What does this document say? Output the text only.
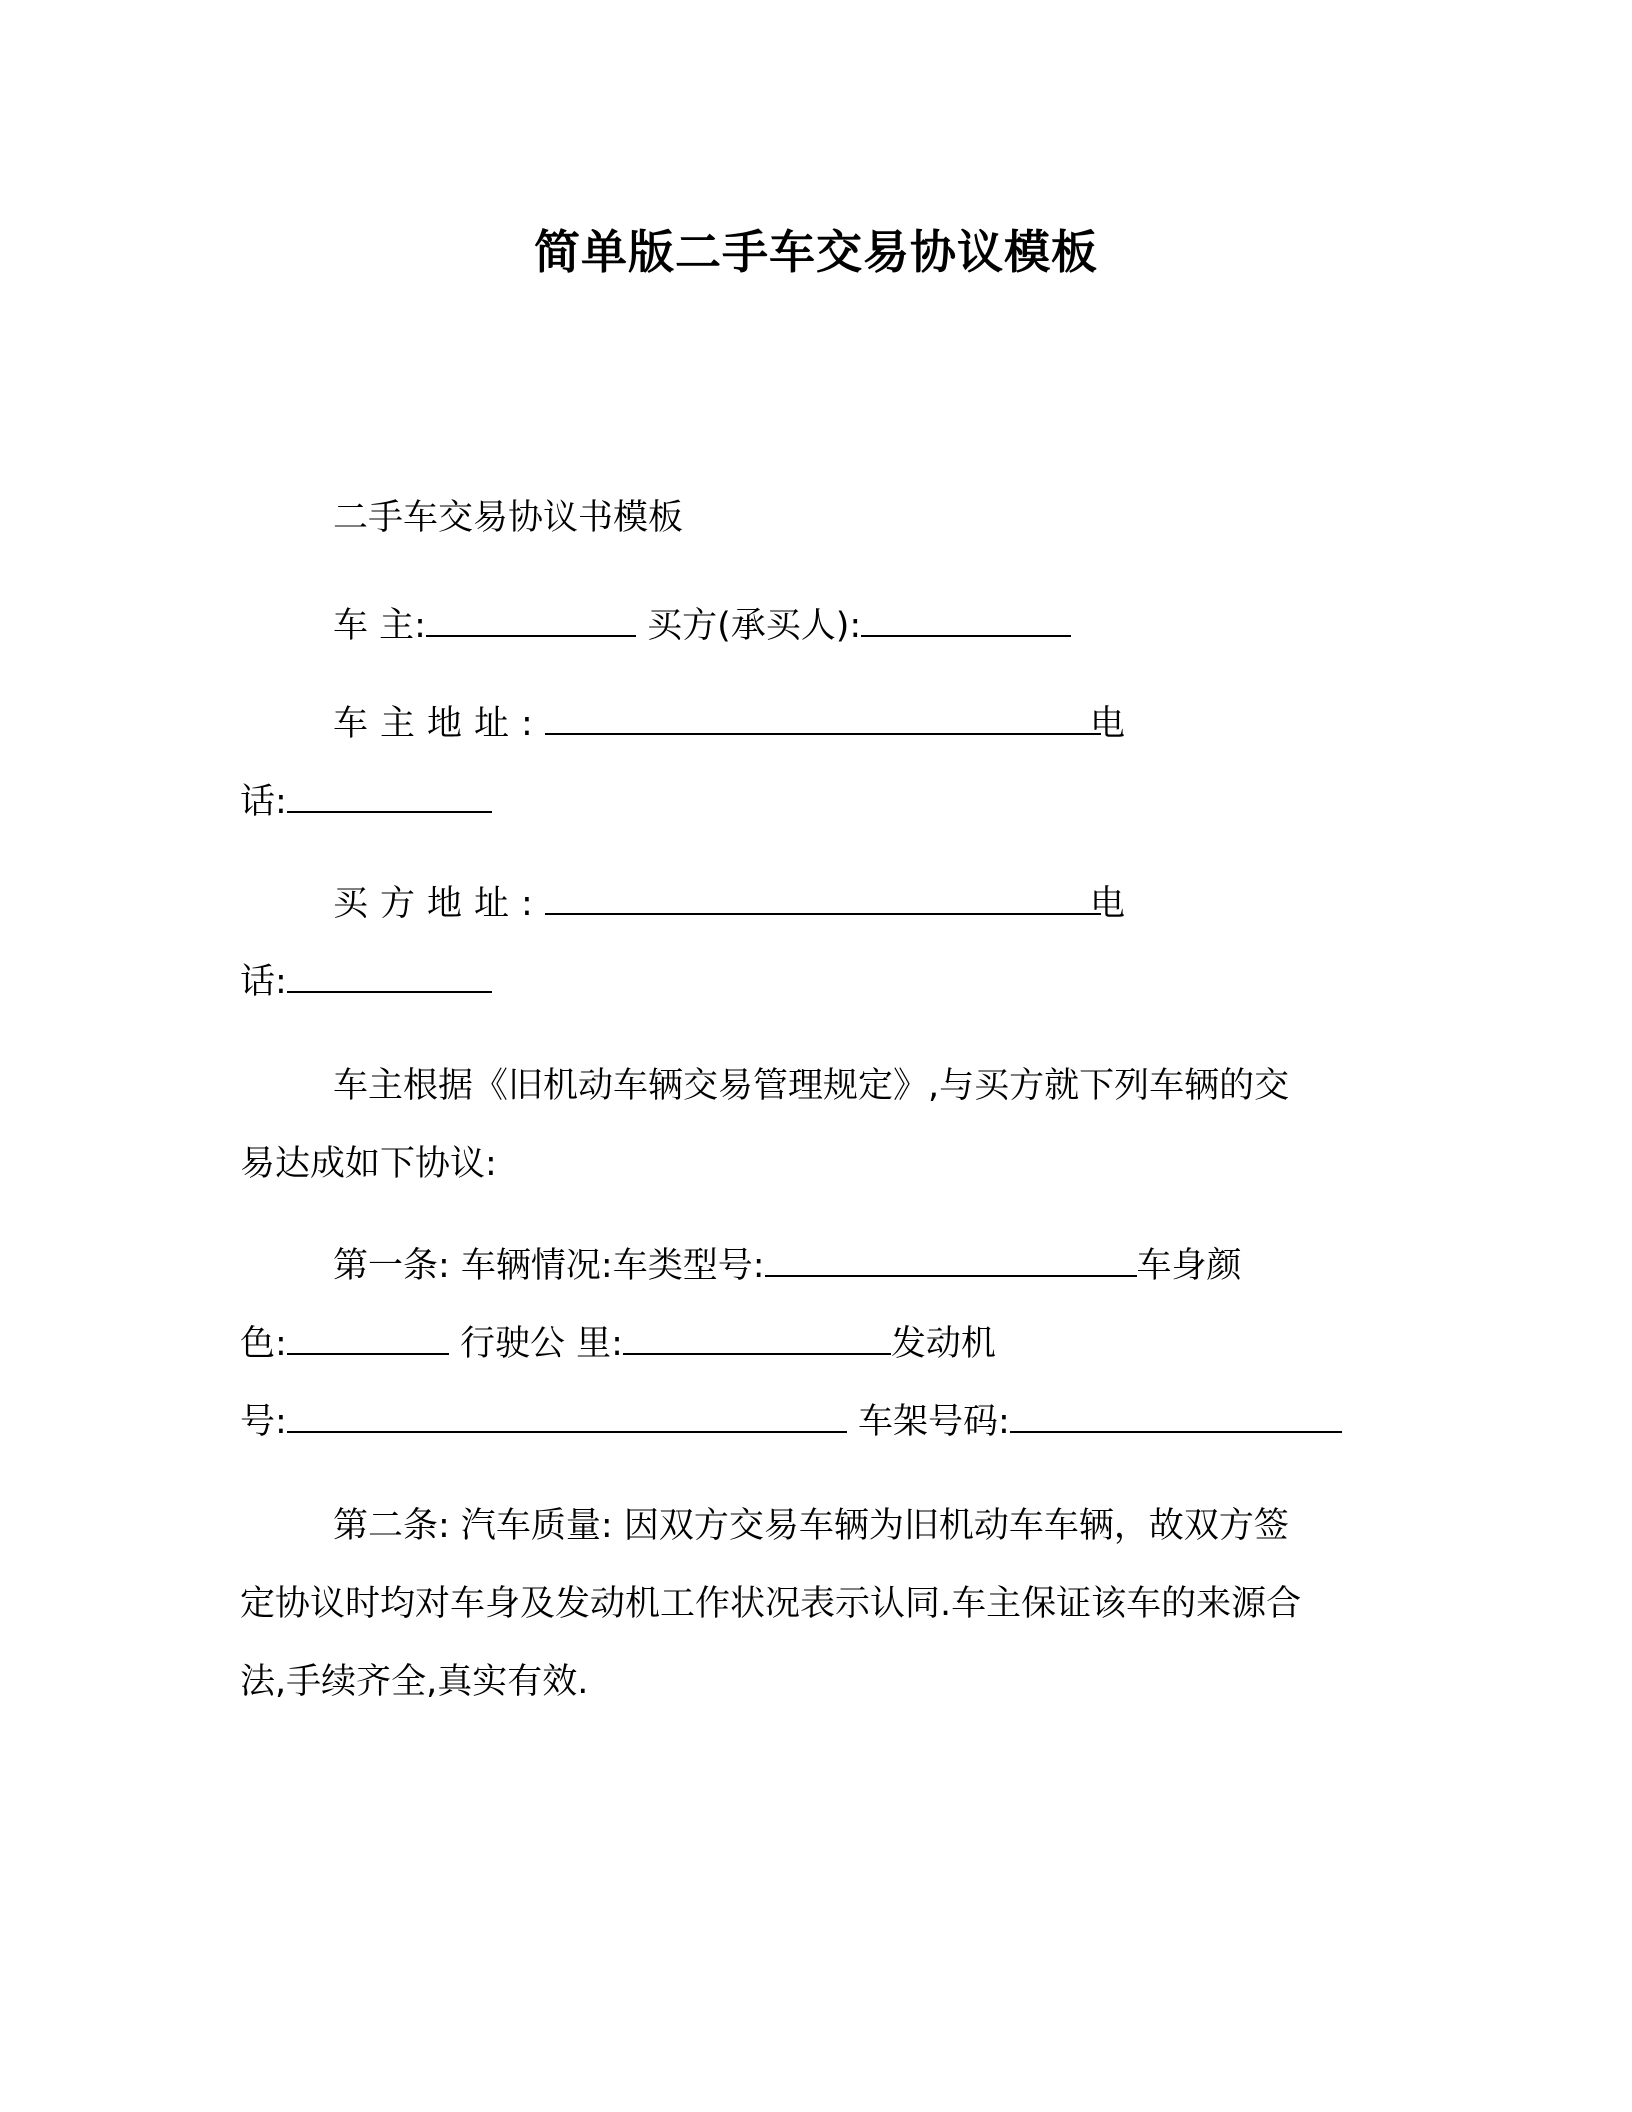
简单版二手车交易协议模板
二手车交易协议书模板
车 主:	买方(承买人):
车主地址:	电
话:
买方地址:	电
话:
车主根据《旧机动车辆交易管理规定》,与买方就下列车辆的交
易达成如下协议:
第一条: 车辆情况:车类型号:	车身颜
色:	行驶公 里:	发动机
号:	车架号码:
第二条: 汽车质量: 因双方交易车辆为旧机动车车辆，故双方签
定协议时均对车身及发动机工作状况表示认同.车主保证该车的来源合
法,手续齐全,真实有效.
